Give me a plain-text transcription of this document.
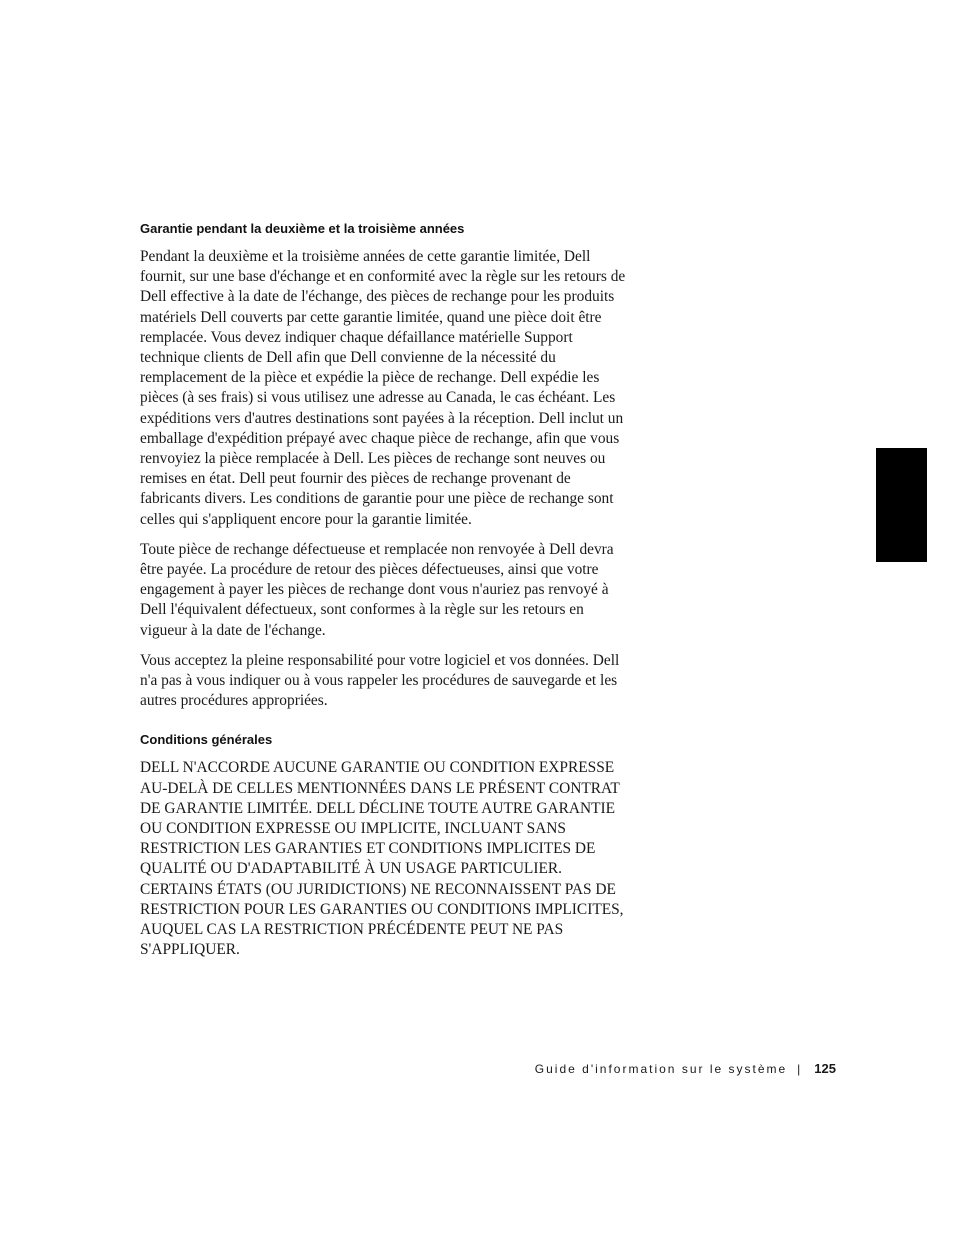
Garantie pendant la deuxième et la troisième années

Pendant la deuxième et la troisième années de cette garantie limitée, Dell fournit, sur une base d'échange et en conformité avec la règle sur les retours de Dell effective à la date de l'échange, des pièces de rechange pour les produits matériels Dell couverts par cette garantie limitée, quand une pièce doit être remplacée. Vous devez indiquer chaque défaillance matérielle Support technique clients de Dell afin que Dell convienne de la nécessité du remplacement de la pièce et expédie la pièce de rechange. Dell expédie les pièces (à ses frais) si vous utilisez une adresse au Canada, le cas échéant. Les expéditions vers d'autres destinations sont payées à la réception. Dell inclut un emballage d'expédition prépayé avec chaque pièce de rechange, afin que vous renvoyiez la pièce remplacée à Dell. Les pièces de rechange sont neuves ou remises en état. Dell peut fournir des pièces de rechange provenant de fabricants divers. Les conditions de garantie pour une pièce de rechange sont celles qui s'appliquent encore pour la garantie limitée.

Toute pièce de rechange défectueuse et remplacée non renvoyée à Dell devra être payée. La procédure de retour des pièces défectueuses, ainsi que votre engagement à payer les pièces de rechange dont vous n'auriez pas renvoyé à Dell l'équivalent défectueux, sont conformes à la règle sur les retours en vigueur à la date de l'échange.

Vous acceptez la pleine responsabilité pour votre logiciel et vos données. Dell n'a pas à vous indiquer ou à vous rappeler les procédures de sauvegarde et les autres procédures appropriées.

Conditions générales

DELL N'ACCORDE AUCUNE GARANTIE OU CONDITION EXPRESSE AU-DELÀ DE CELLES MENTIONNÉES DANS LE PRÉSENT CONTRAT DE GARANTIE LIMITÉE. DELL DÉCLINE TOUTE AUTRE GARANTIE OU CONDITION EXPRESSE OU IMPLICITE, INCLUANT SANS RESTRICTION LES GARANTIES ET CONDITIONS IMPLICITES DE QUALITÉ OU D'ADAPTABILITÉ À UN USAGE PARTICULIER. CERTAINS ÉTATS (OU JURIDICTIONS) NE RECONNAISSENT PAS DE RESTRICTION POUR LES GARANTIES OU CONDITIONS IMPLICITES, AUQUEL CAS LA RESTRICTION PRÉCÉDENTE PEUT NE PAS S'APPLIQUER.

Guide d'information sur le système | 125
